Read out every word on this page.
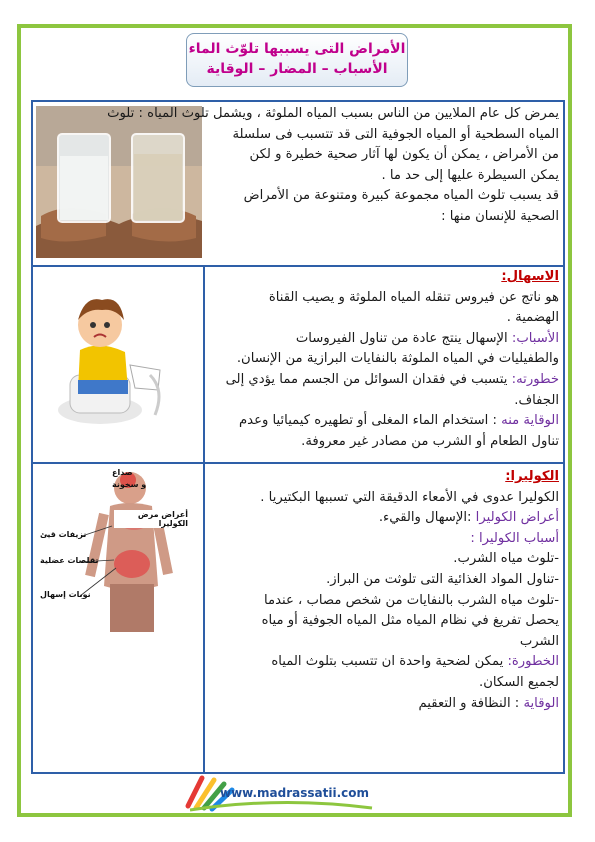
الأمراض التى يسببها تلوّث الماء
الأسباب – المضار – الوقاية
يمرض كل عام الملايين من الناس بسبب المياه الملوثة ، ويشمل تلوث المياه : تلوث
المياه السطحية أو المياه الجوفية التى قد تتسبب فى سلسلة
من الأمراض ، يمكن أن يكون لها آثار صحية خطيرة و لكن
يمكن السيطرة عليها إلى حد ما .
قد يسبب تلوث المياه مجموعة كبيرة ومتنوعة من الأمراض
الصحية للإنسان منها :
الاسهال:
هو ناتج عن فيروس تنقله المياه الملوثة و يصيب القناة
الهضمية .
الأسباب: الإسهال ينتج عادة من تناول الفيروسات
والطفيليات في المياه الملوثة بالنفايات البرازية من الإنسان.
خطورته: يتسبب في فقدان السوائل من الجسم مما يؤدي إلى
الجفاف.
الوقاية منه : استخدام الماء المغلى أو تطهيره كيميائيا وعدم
تناول الطعام أو الشرب من مصادر غير معروفة.
صداع
و سخونة
أعراض مرض الكوليرا
نزيفات قيئ
تقلصات عضلية
نوبات إسهال
الكوليرا:
الكوليرا عدوى في الأمعاء الدقيقة التي تسببها البكتيريا .
أعراض الكوليرا :الإسهال والقيء.
أسباب الكوليرا :
-تلوث مياه الشرب.
-تناول المواد الغذائية التى تلوثت من البراز.
-تلوث مياه الشرب بالنفايات من شخص مصاب ، عندما
يحصل تفريغ في نظام المياه مثل المياه الجوفية أو مياه
الشرب
الخطورة: يمكن لضحية واحدة ان تتسبب بتلوث المياه
لجميع السكان.
الوقاية : النظافة و التعقيم
www.madrassatii.com
